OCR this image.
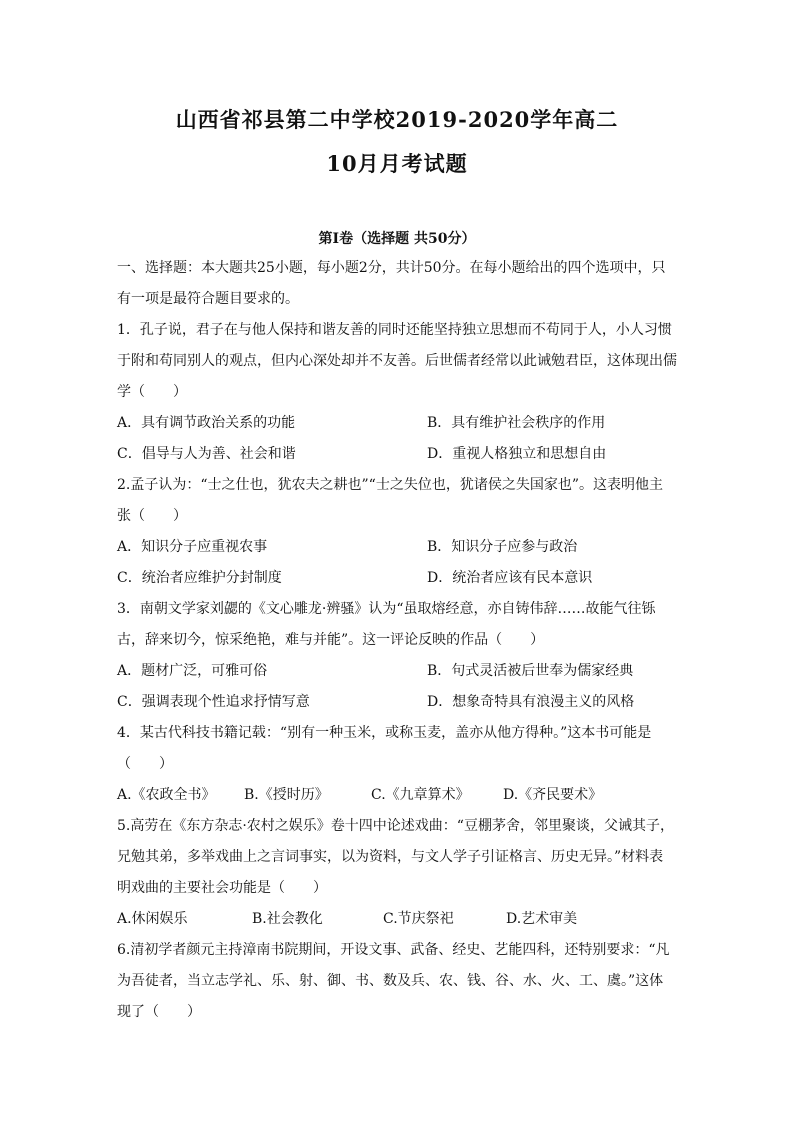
山西省祁县第二中学校2019-2020学年高二
10月月考试题
第Ⅰ卷（选择题 共50分）
一、选择题：本大题共25小题，每小题2分，共计50分。在每小题给出的四个选项中，只
有一项是最符合题目要求的。
1．孔子说，君子在与他人保持和谐友善的同时还能坚持独立思想而不苟同于人，小人习惯
于附和苟同别人的观点，但内心深处却并不友善。后世儒者经常以此诫勉君臣，这体现出儒
学（　　）
A．具有调节政治关系的功能	B．具有维护社会秩序的作用
C．倡导与人为善、社会和谐	D．重视人格独立和思想自由
2.孟子认为：“士之仕也，犹农夫之耕也”“士之失位也，犹诸侯之失国家也”。这表明他主
张（　　）
A．知识分子应重视农事	B．知识分子应参与政治
C．统治者应维护分封制度	D．统治者应该有民本意识
3．南朝文学家刘勰的《文心雕龙·辨骚》认为“虽取熔经意，亦自铸伟辞……故能气往铄
古，辞来切今，惊采绝艳，难与并能”。这一评论反映的作品（　　）
A．题材广泛，可雅可俗	B．句式灵活被后世奉为儒家经典
C．强调表现个性追求抒情写意	D．想象奇特具有浪漫主义的风格
4．某古代科技书籍记载：“别有一种玉米，或称玉麦，盖亦从他方得种。”这本书可能是
（　　）
A.《农政全书》 B.《授时历》	C.《九章算术》 D.《齐民要术》
5.高劳在《东方杂志·农村之娱乐》卷十四中论述戏曲：“豆棚茅舍，邻里聚谈，父诫其子，
兄勉其弟，多举戏曲上之言词事实，以为资料，与文人学子引证格言、历史无异。”材料表
明戏曲的主要社会功能是（　　）
A.休闲娱乐	B.社会教化	C.节庆祭祀	D.艺术审美
6.清初学者颜元主持漳南书院期间，开设文事、武备、经史、艺能四科，还特别要求：“凡
为吾徒者，当立志学礼、乐、射、御、书、数及兵、农、钱、谷、水、火、工、虞。”这体
现了（　　）
